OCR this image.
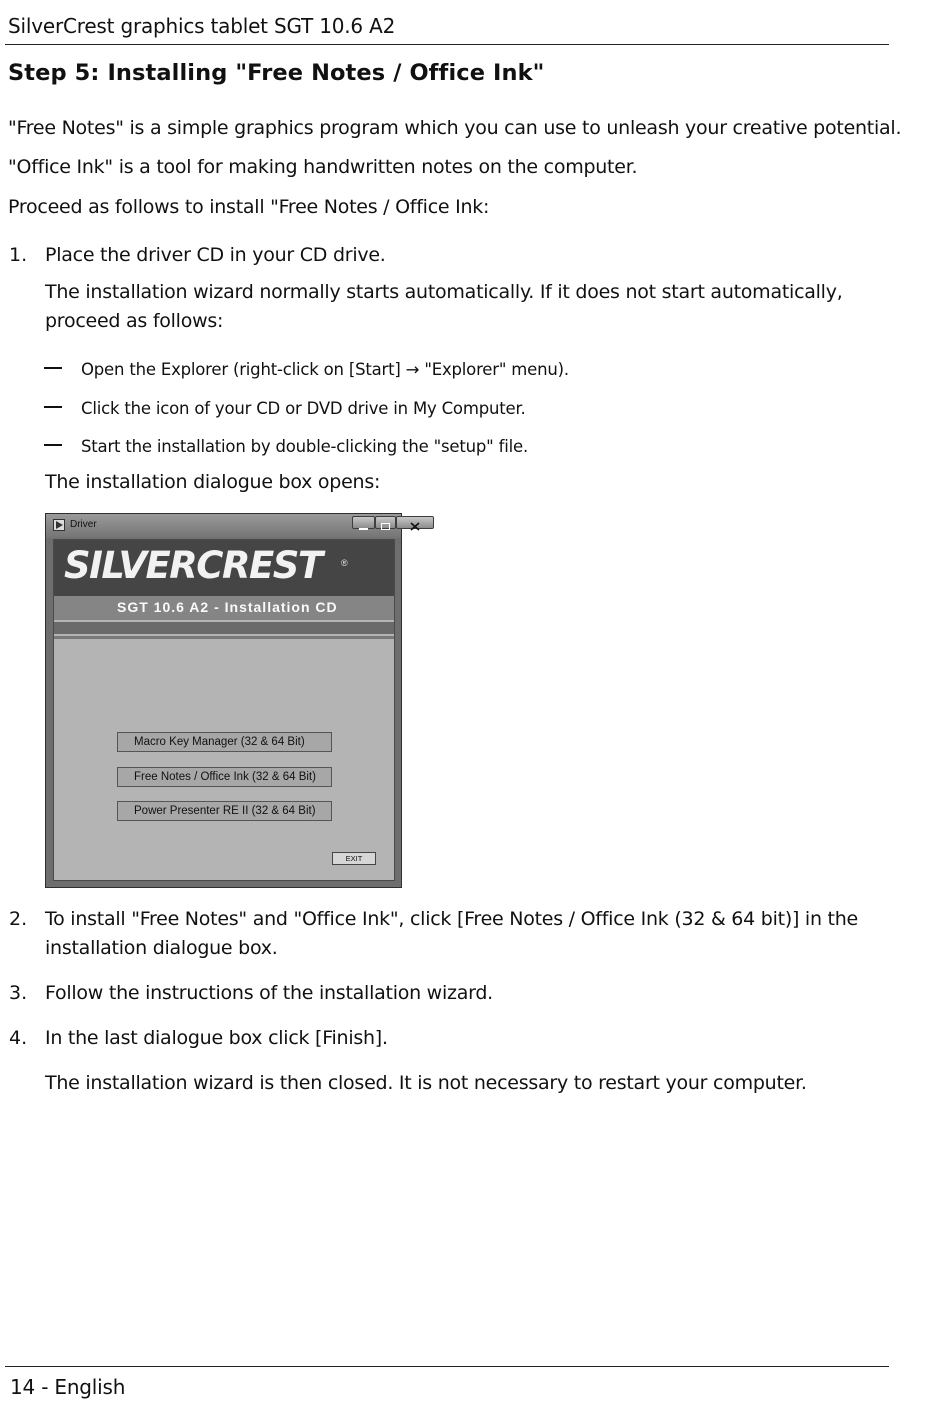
SilverCrest graphics tablet SGT 10.6 A2
Step 5: Installing "Free Notes / Office Ink"

"Free Notes" is a simple graphics program which you can use to unleash your creative potential.

"Office Ink" is a tool for making handwritten notes on the computer.

Proceed as follows to install "Free Notes / Office Ink:

1. Place the driver CD in your CD drive.

The installation wizard normally starts automatically. If it does not start automatically, proceed as follows:

Open the Explorer (right-click on [Start] → "Explorer" menu).
Click the icon of your CD or DVD drive in My Computer.
Start the installation by double-clicking the "setup" file.

The installation dialogue box opens:

Driver
SILVERCREST ®
SGT 10.6 A2 - Installation CD
Macro Key Manager (32 & 64 Bit)
Free Notes / Office Ink (32 & 64 Bit)
Power Presenter RE II (32 & 64 Bit)
EXIT
2. To install "Free Notes" and "Office Ink", click [Free Notes / Office Ink (32 & 64 bit)] in the installation dialogue box.

3. Follow the instructions of the installation wizard.

4. In the last dialogue box click [Finish].

The installation wizard is then closed. It is not necessary to restart your computer.

14 - English
